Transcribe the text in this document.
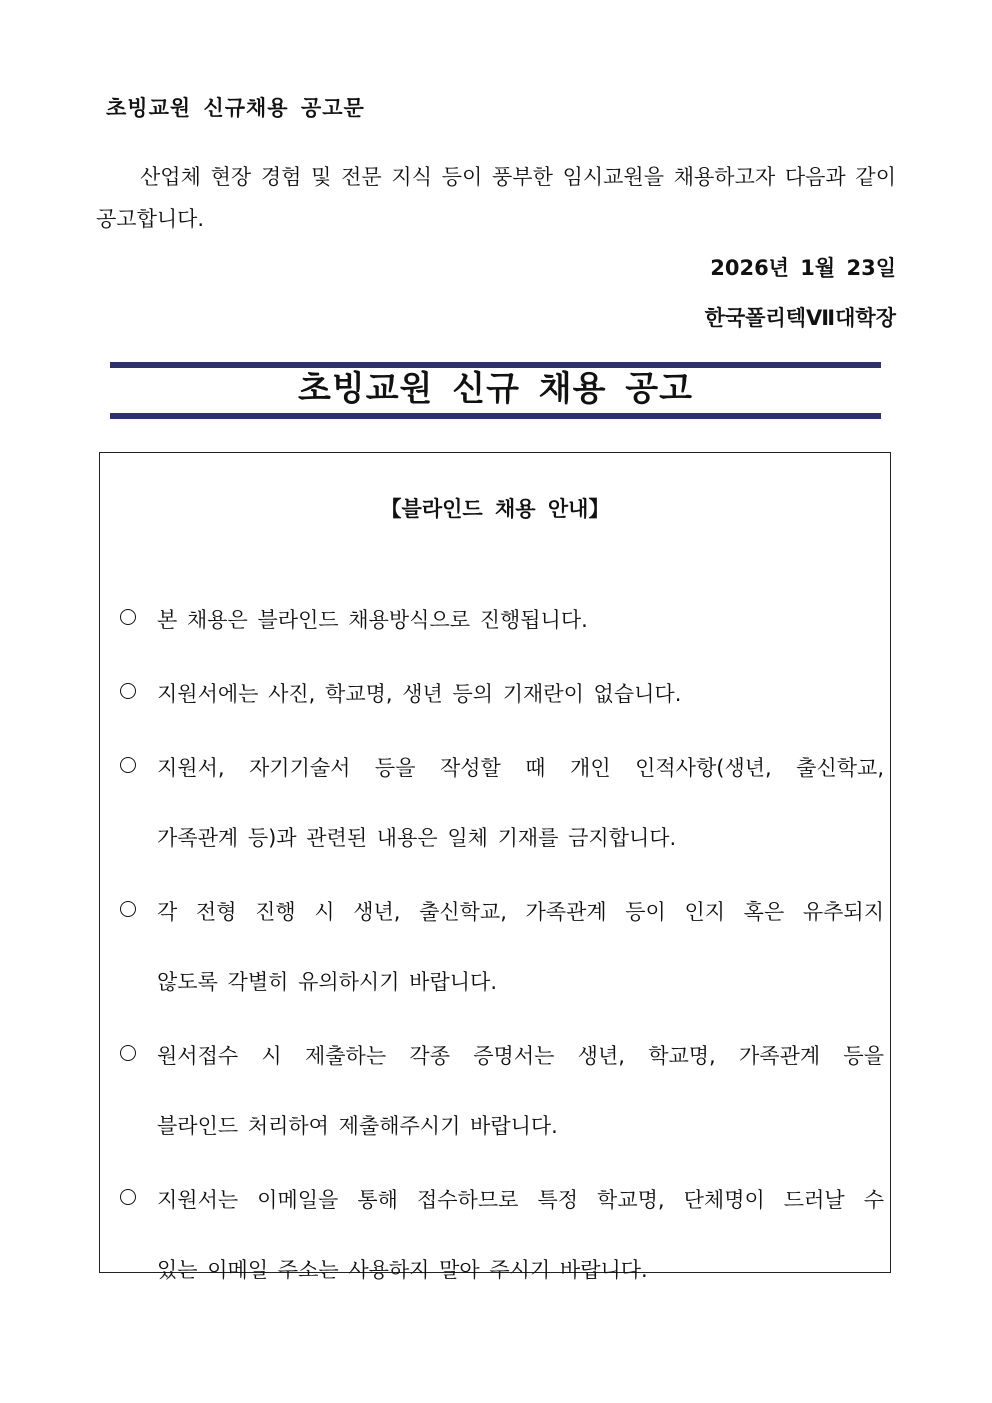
초빙교원 신규채용 공고문

산업체 현장 경험 및 전문 지식 등이 풍부한 임시교원을 채용하고자 다음과 같이 공고합니다.

2026년 1월 23일

한국폴리텍Ⅶ대학장

초빙교원 신규 채용 공고
【블라인드 채용 안내】
본 채용은 블라인드 채용방식으로 진행됩니다.
지원서에는 사진, 학교명, 생년 등의 기재란이 없습니다.
지원서, 자기기술서 등을 작성할 때 개인 인적사항(생년, 출신학교,
가족관계 등)과 관련된 내용은 일체 기재를 금지합니다.
각 전형 진행 시 생년, 출신학교, 가족관계 등이 인지 혹은 유추되지
않도록 각별히 유의하시기 바랍니다.
원서접수 시 제출하는 각종 증명서는 생년, 학교명, 가족관계 등을
블라인드 처리하여 제출해주시기 바랍니다.
지원서는 이메일을 통해 접수하므로 특정 학교명, 단체명이 드러날 수
있는 이메일 주소는 사용하지 말아 주시기 바랍니다.
